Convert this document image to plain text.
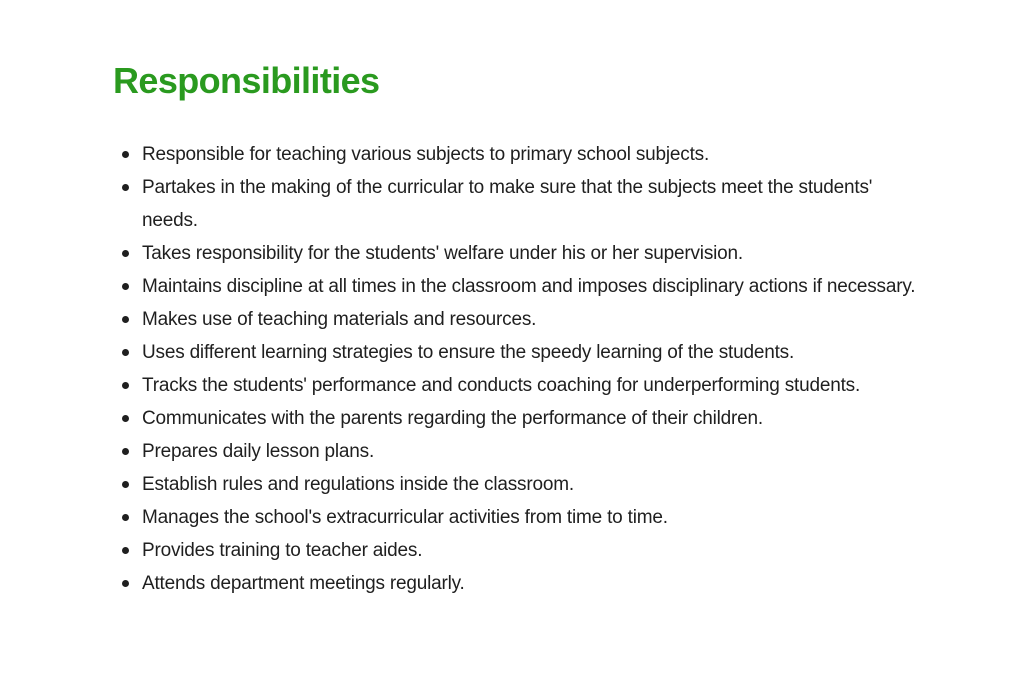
Responsibilities
Responsible for teaching various subjects to primary school subjects.
Partakes in the making of the curricular to make sure that the subjects meet the students' needs.
Takes responsibility for the students' welfare under his or her supervision.
Maintains discipline at all times in the classroom and imposes disciplinary actions if necessary.
Makes use of teaching materials and resources.
Uses different learning strategies to ensure the speedy learning of the students.
Tracks the students' performance and conducts coaching for underperforming students.
Communicates with the parents regarding the performance of their children.
Prepares daily lesson plans.
Establish rules and regulations inside the classroom.
Manages the school's extracurricular activities from time to time.
Provides training to teacher aides.
Attends department meetings regularly.
